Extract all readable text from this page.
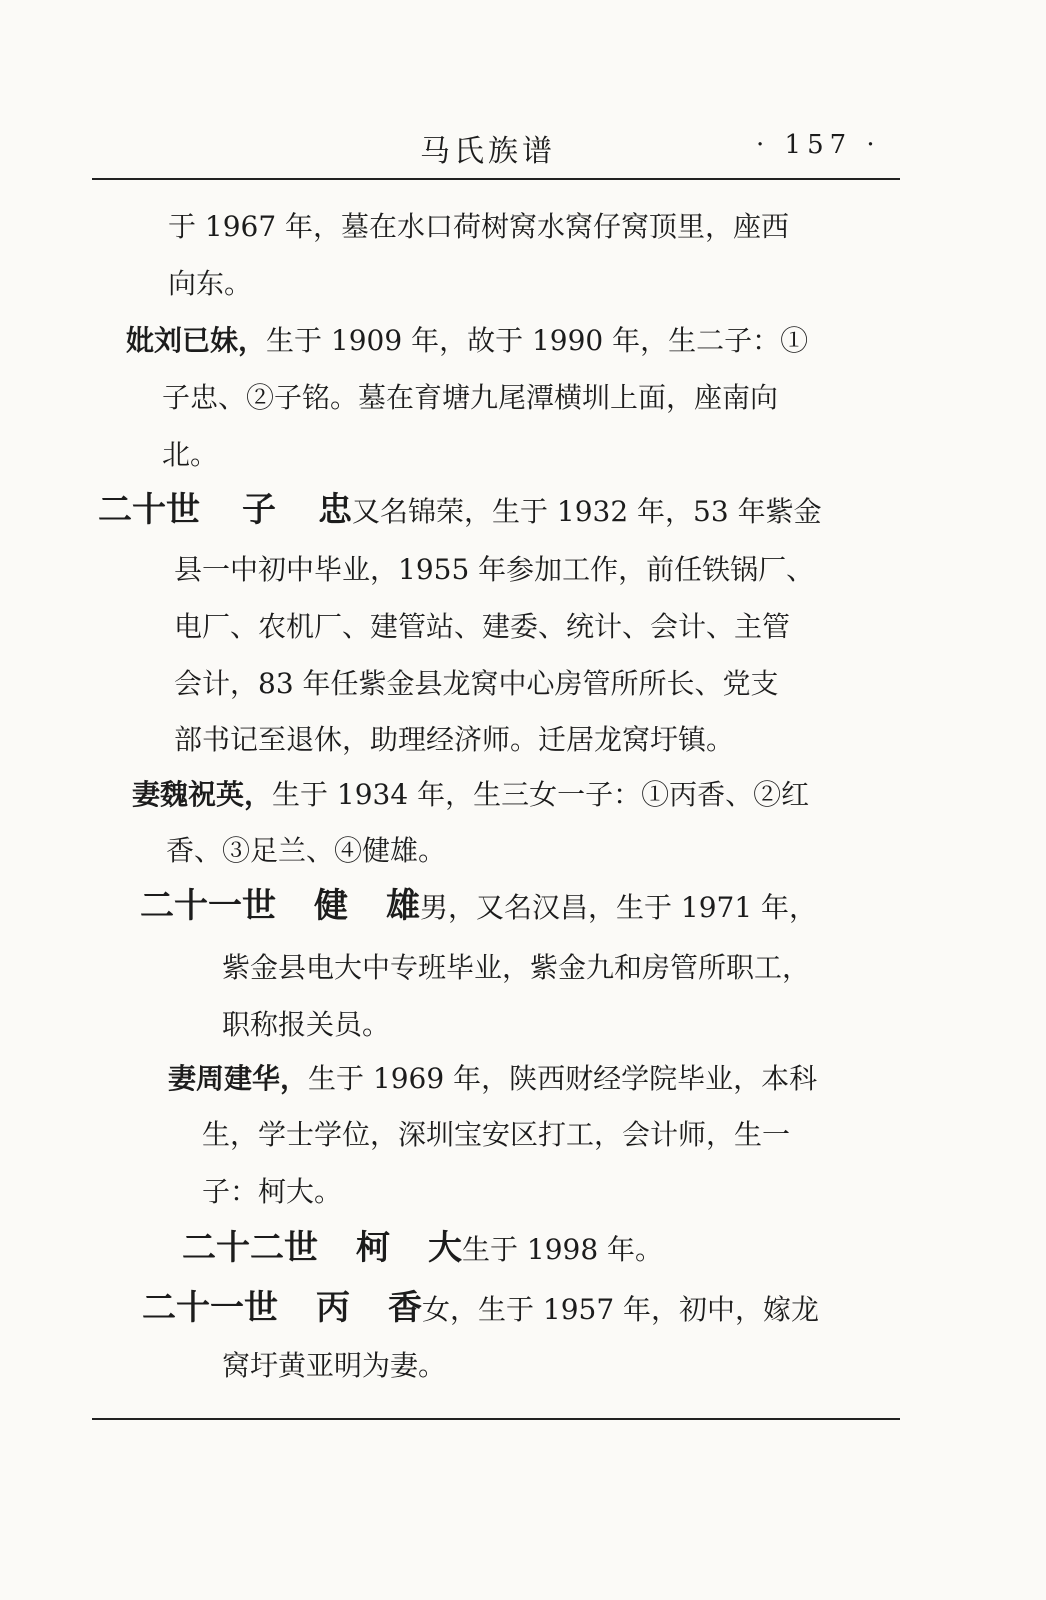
马氏族谱	· 157 ·

于 1967 年，墓在水口荷树窝水窝仔窝顶里，座西

向东。

妣刘已妹，生于 1909 年，故于 1990 年，生二子：①

子忠、②子铭。墓在育塘九尾潭横圳上面，座南向

北。

二十世 子 忠又名锦荣，生于 1932 年，53 年紫金

县一中初中毕业，1955 年参加工作，前任铁锅厂、

电厂、农机厂、建管站、建委、统计、会计、主管

会计，83 年任紫金县龙窝中心房管所所长、党支

部书记至退休，助理经济师。迁居龙窝圩镇。

妻魏祝英，生于 1934 年，生三女一子：①丙香、②红

香、③足兰、④健雄。

二十一世 健 雄男，又名汉昌，生于 1971 年，

紫金县电大中专班毕业，紫金九和房管所职工，

职称报关员。

妻周建华，生于 1969 年，陕西财经学院毕业，本科

生，学士学位，深圳宝安区打工，会计师，生一

子：柯大。

二十二世 柯 大生于 1998 年。

二十一世 丙 香女，生于 1957 年，初中，嫁龙

窝圩黄亚明为妻。
